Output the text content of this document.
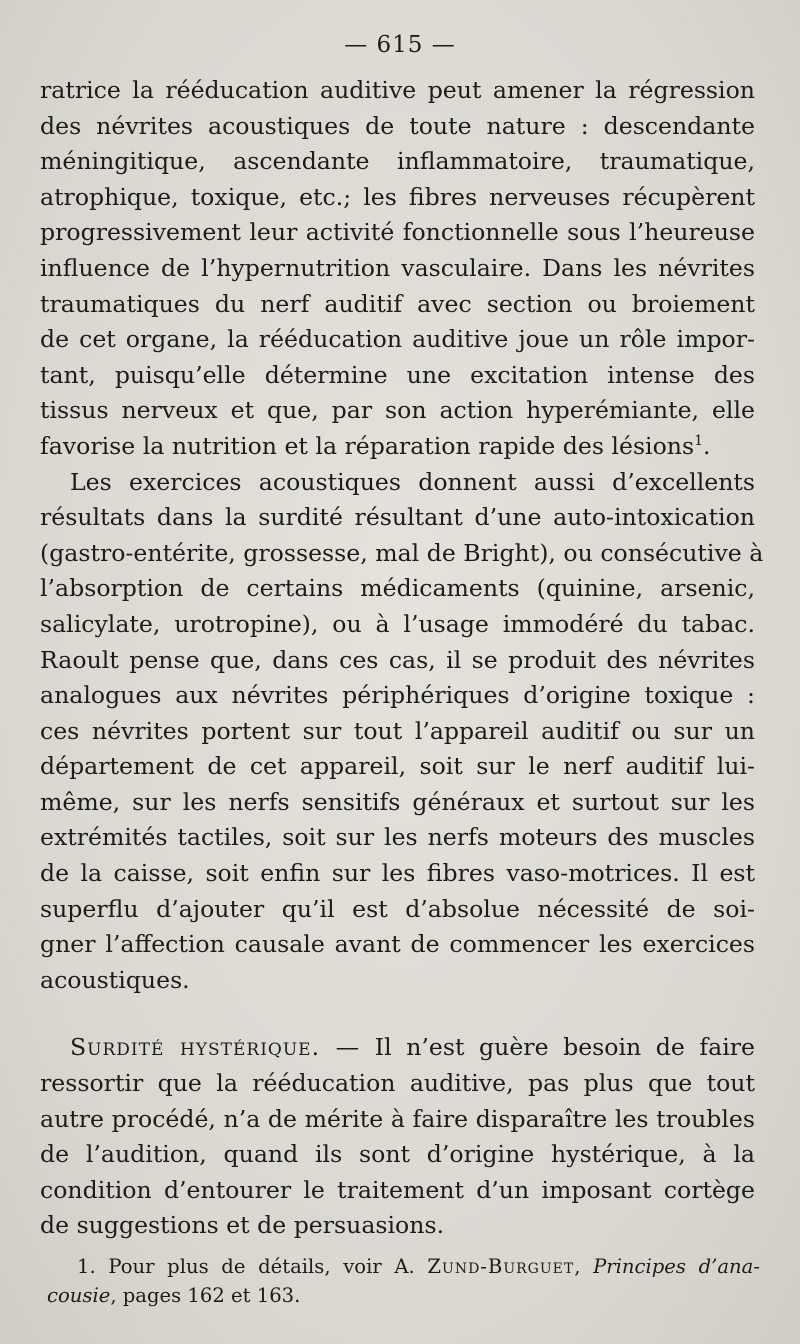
— 615 —
ratrice la rééducation auditive peut amener la régression
des névrites acoustiques de toute nature : descendante
méningitique, ascendante inflammatoire, traumatique,
atrophique, toxique, etc.; les fibres nerveuses récupèrent
progressivement leur activité fonctionnelle sous l’heureuse
influence de l’hypernutrition vasculaire. Dans les névrites
traumatiques du nerf auditif avec section ou broiement
de cet organe, la rééducation auditive joue un rôle impor-
tant, puisqu’elle détermine une excitation intense des
tissus nerveux et que, par son action hyperémiante, elle
favorise la nutrition et la réparation rapide des lésions$^1$.
Les exercices acoustiques donnent aussi d’excellents
résultats dans la surdité résultant d’une auto-intoxication
(gastro-entérite, grossesse, mal de Bright), ou consécutive à
l’absorption de certains médicaments (quinine, arsenic,
salicylate, urotropine), ou à l’usage immodéré du tabac.
Raoult pense que, dans ces cas, il se produit des névrites
analogues aux névrites périphériques d’origine toxique :
ces névrites portent sur tout l’appareil auditif ou sur un
département de cet appareil, soit sur le nerf auditif lui-
même, sur les nerfs sensitifs généraux et surtout sur les
extrémités tactiles, soit sur les nerfs moteurs des muscles
de la caisse, soit enfin sur les fibres vaso-motrices. Il est
superflu d’ajouter qu’il est d’absolue nécessité de soi-
gner l’affection causale avant de commencer les exercices
acoustiques.
Surdité hystérique. — Il n’est guère besoin de faire
ressortir que la rééducation auditive, pas plus que tout
autre procédé, n’a de mérite à faire disparaître les troubles
de l’audition, quand ils sont d’origine hystérique, à la
condition d’entourer le traitement d’un imposant cortège
de suggestions et de persuasions.
1. Pour plus de détails, voir A. Zund-Burguet, Principes d’ana-
cousie, pages 162 et 163.
